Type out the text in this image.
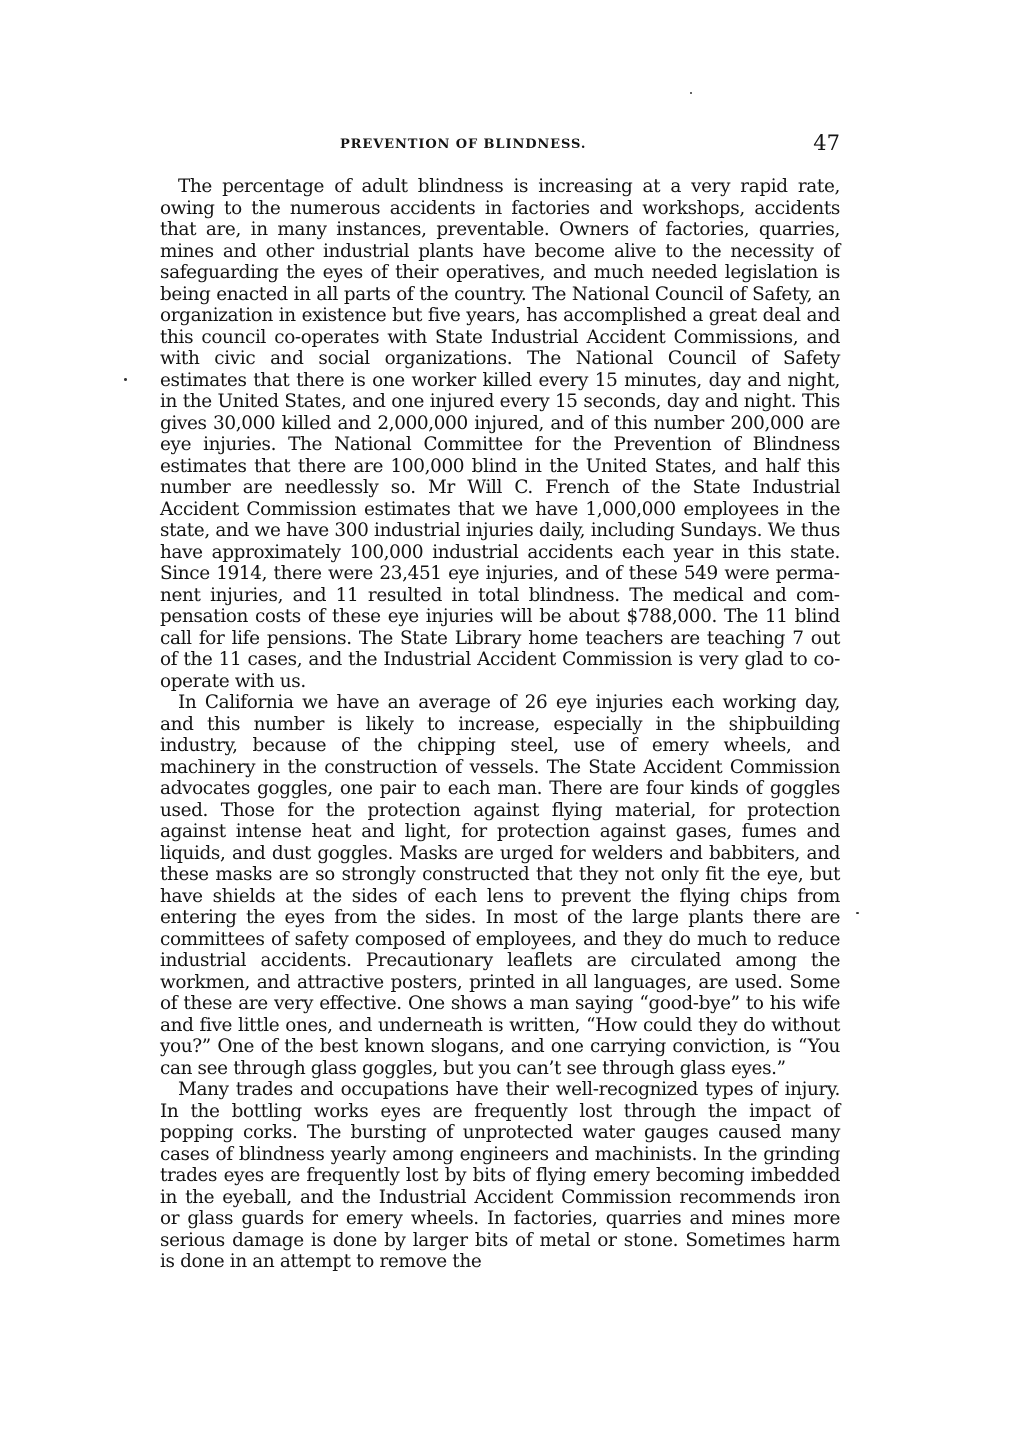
PREVENTION OF BLINDNESS.	47

The percentage of adult blindness is increasing at a very rapid rate, owing to the numerous accidents in factories and workshops, accidents that are, in many instances, preventable. Owners of factories, quarries, mines and other industrial plants have become alive to the necessity of safeguarding the eyes of their operatives, and much needed legislation is being enacted in all parts of the country. The National Council of Safety, an organization in existence but five years, has accomplished a great deal and this council co-operates with State Industrial Accident Commissions, and with civic and social organizations. The National Council of Safety estimates that there is one worker killed every 15 minutes, day and night, in the United States, and one injured every 15 seconds, day and night. This gives 30,000 killed and 2,000,000 injured, and of this number 200,000 are eye injuries. The National Committee for the Prevention of Blindness estimates that there are 100,000 blind in the United States, and half this number are needlessly so. Mr Will C. French of the State Industrial Accident Commission estimates that we have 1,000,000 employees in the state, and we have 300 industrial injuries daily, including Sundays. We thus have approximately 100,000 industrial accidents each year in this state. Since 1914, there were 23,451 eye injuries, and of these 549 were permanent injuries, and 11 resulted in total blindness. The medical and compensation costs of these eye injuries will be about $788,000. The 11 blind call for life pensions. The State Library home teachers are teaching 7 out of the 11 cases, and the Industrial Accident Commission is very glad to co-operate with us.

In California we have an average of 26 eye injuries each working day, and this number is likely to increase, especially in the shipbuilding industry, because of the chipping steel, use of emery wheels, and machinery in the construction of vessels. The State Accident Commission advocates goggles, one pair to each man. There are four kinds of goggles used. Those for the protection against flying material, for protection against intense heat and light, for protection against gases, fumes and liquids, and dust goggles. Masks are urged for welders and babbiters, and these masks are so strongly constructed that they not only fit the eye, but have shields at the sides of each lens to prevent the flying chips from entering the eyes from the sides. In most of the large plants there are committees of safety composed of employees, and they do much to reduce industrial accidents. Precautionary leaflets are circulated among the workmen, and attractive posters, printed in all languages, are used. Some of these are very effective. One shows a man saying “good-bye” to his wife and five little ones, and underneath is written, “How could they do without you?” One of the best known slogans, and one carrying conviction, is “You can see through glass goggles, but you can’t see through glass eyes.”

Many trades and occupations have their well-recognized types of injury. In the bottling works eyes are frequently lost through the impact of popping corks. The bursting of unprotected water gauges caused many cases of blindness yearly among engineers and machinists. In the grinding trades eyes are frequently lost by bits of flying emery becoming imbedded in the eyeball, and the Industrial Accident Commission recommends iron or glass guards for emery wheels. In factories, quarries and mines more serious damage is done by larger bits of metal or stone. Sometimes harm is done in an attempt to remove the
